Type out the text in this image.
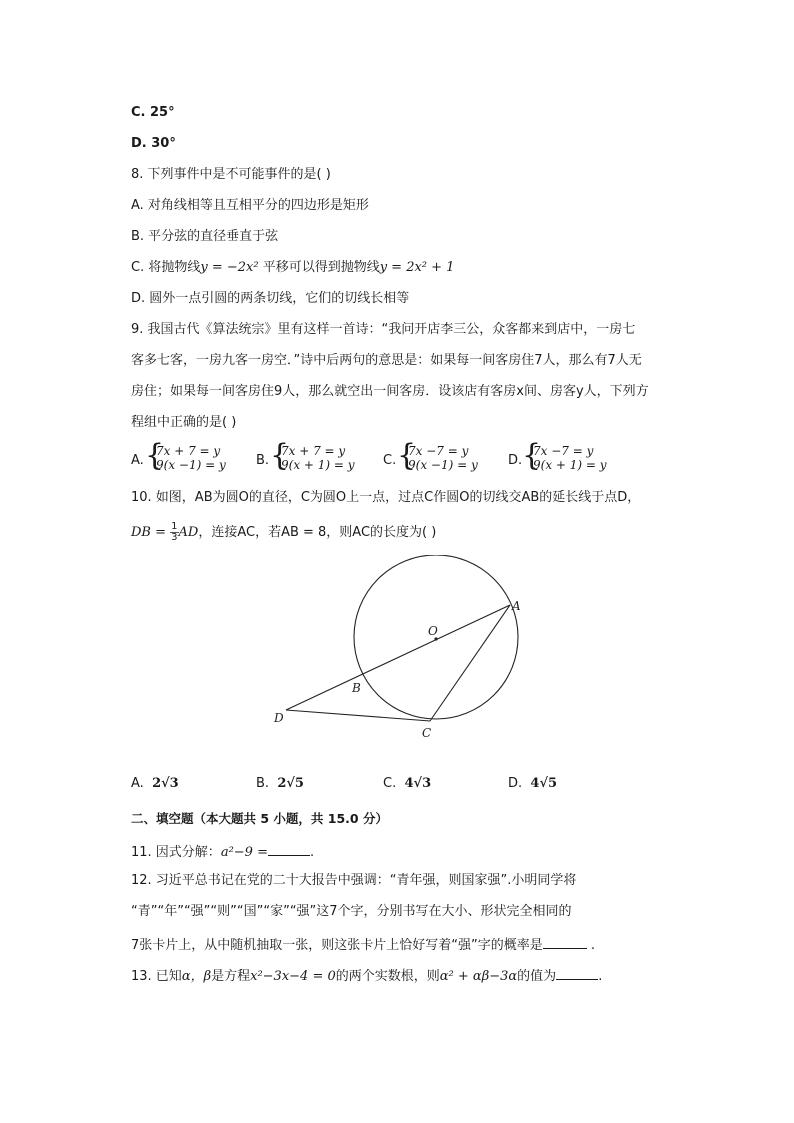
C. 25°
D. 30°
8. 下列事件中是不可能事件的是( )
A. 对角线相等且互相平分的四边形是矩形
B. 平分弦的直径垂直于弦
C. 将抛物线y = −2x² 平移可以得到抛物线y = 2x² + 1
D. 圆外一点引圆的两条切线，它们的切线长相等
9. 我国古代《算法统宗》里有这样一首诗：“我问开店李三公，众客都来到店中，一房七
客多七客，一房九客一房空．”诗中后两句的意思是：如果每一间客房住7人，那么有7人无
房住；如果每一间客房住9人，那么就空出一间客房．设该店有客房x间、房客y人，下列方
程组中正确的是( )
A. {
7x + 7 = y
9(x −1) = y B. {
7x + 7 = y
9(x + 1) = y C. {
7x −7 = y
9(x −1) = y D. {
7x −7 = y
9(x + 1) = y
10. 如图，AB为圆O的直径，C为圆O上一点，过点C作圆O的切线交AB的延长线于点D，
DB = $\frac{1}{3}$ AD，连接AC，若AB = 8，则AC的长度为( )
A
O
B
D
C
A. 2√3	B. 2√5	C. 4√3	D. 4√5
二、填空题（本大题共 5 小题，共 15.0 分）
11. 因式分解：a²−9 =	.
12. 习近平总书记在党的二十大报告中强调：“青年强，则国家强”.小明同学将
“青”“年”“强”“则”“国”“家”“强”这7个字，分别书写在大小、形状完全相同的
7张卡片上，从中随机抽取一张，则这张卡片上恰好写着“强”字的概率是	.
13. 已知α，β是方程x²−3x−4 = 0的两个实数根，则α² + αβ−3α的值为	.
